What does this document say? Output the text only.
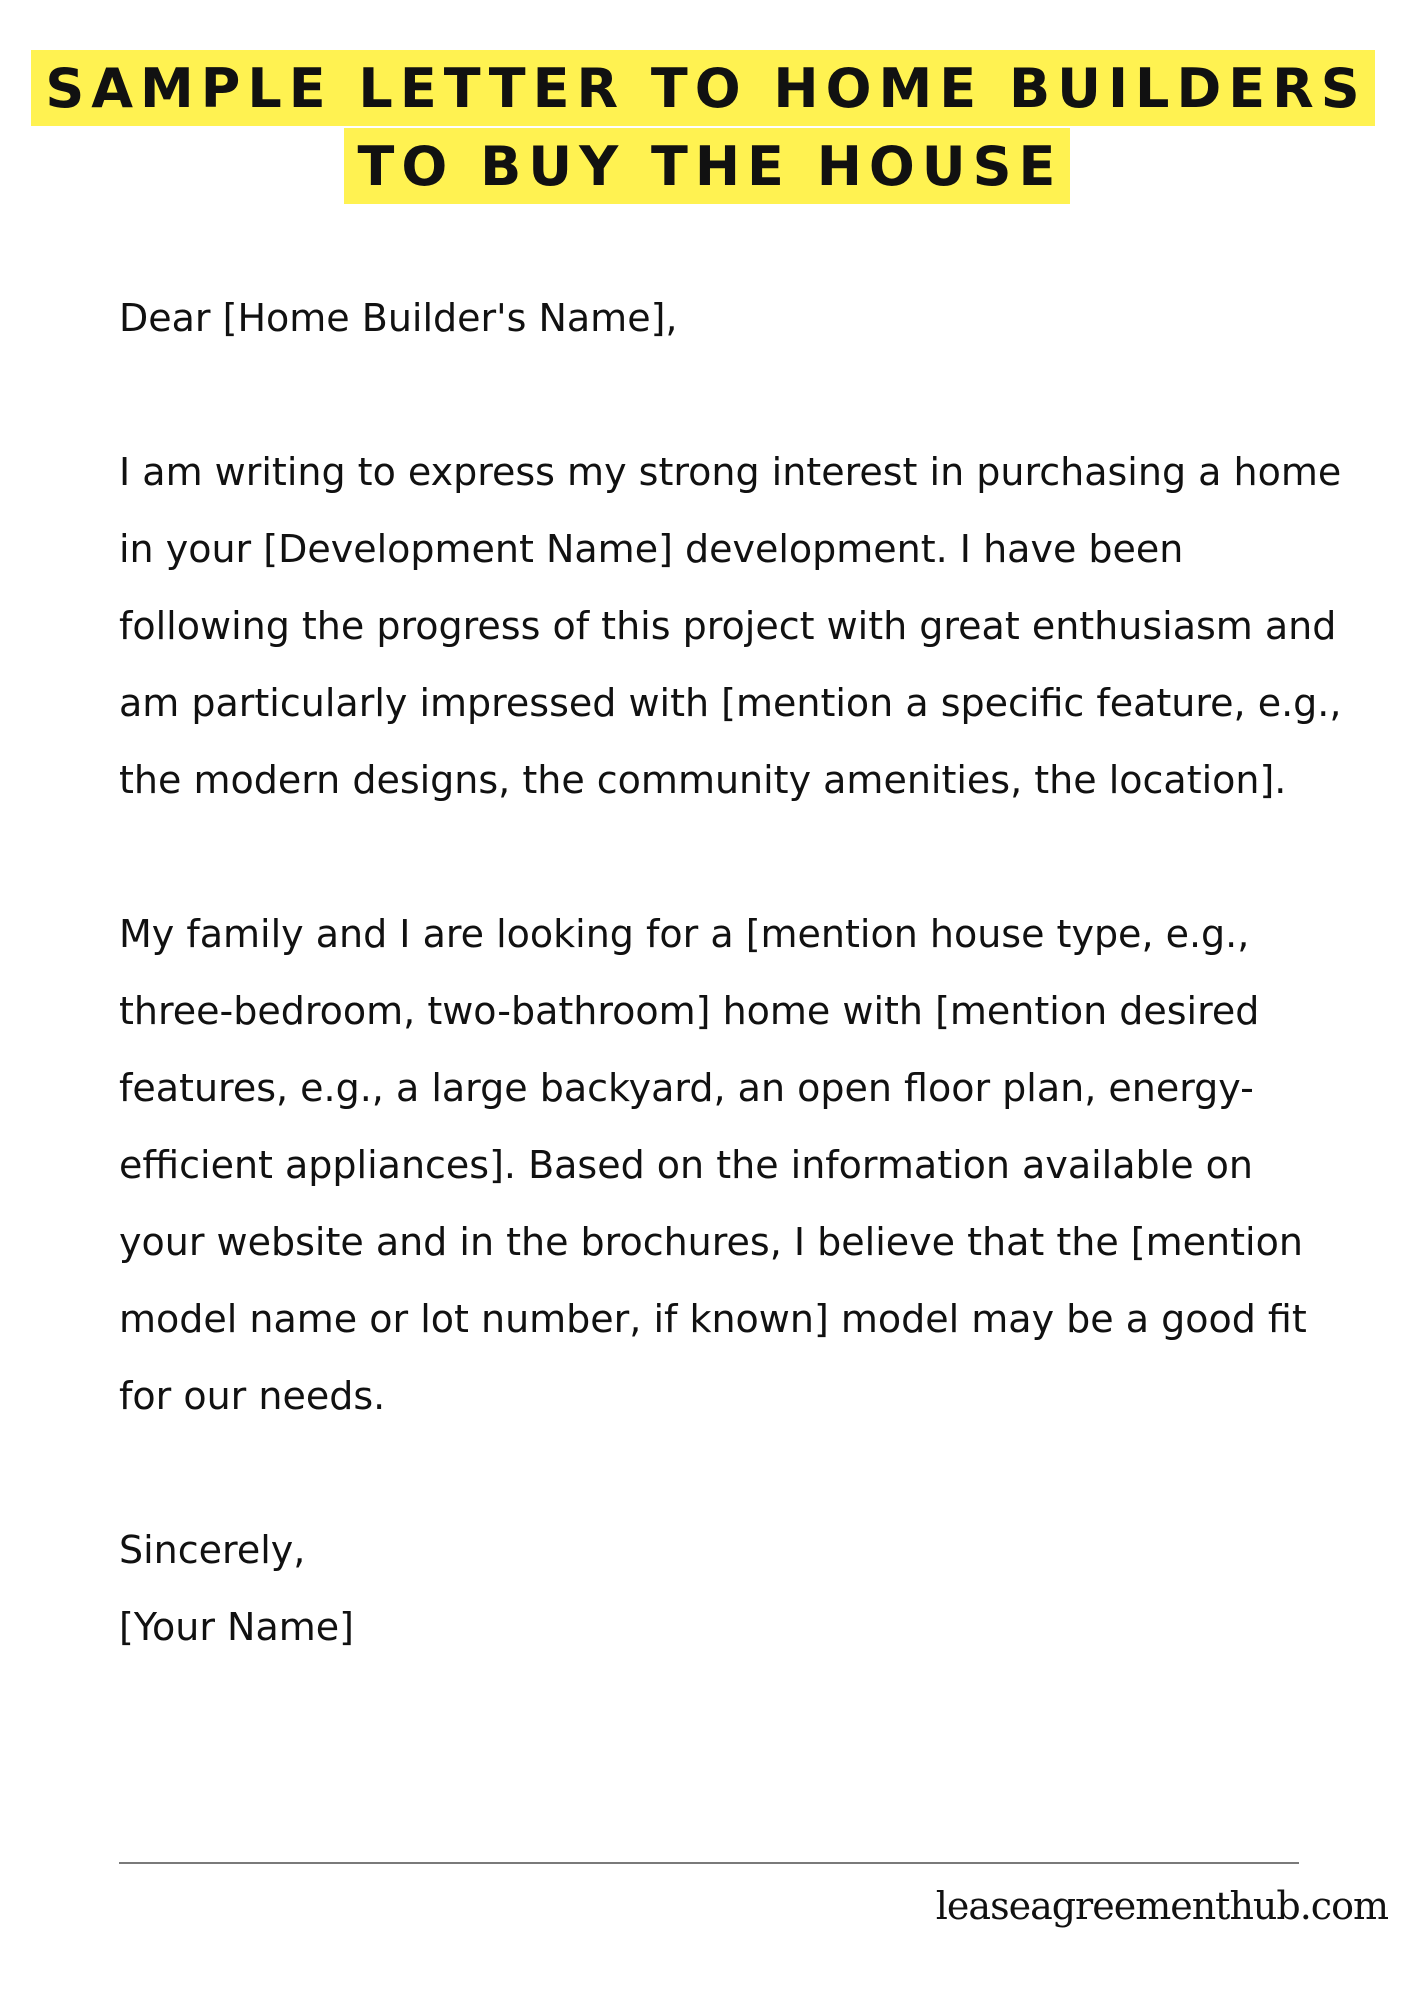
SAMPLE LETTER TO HOME BUILDERS
TO BUY THE HOUSE

Dear [Home Builder's Name],

I am writing to express my strong interest in purchasing a home in your [Development Name] development. I have been following the progress of this project with great enthusiasm and am particularly impressed with [mention a specific feature, e.g., the modern designs, the community amenities, the location].

My family and I are looking for a [mention house type, e.g., three-bedroom, two-bathroom] home with [mention desired features, e.g., a large backyard, an open floor plan, energy-efficient appliances]. Based on the information available on your website and in the brochures, I believe that the [mention model name or lot number, if known] model may be a good fit for our needs.

Sincerely,

[Your Name]

leaseagreementhub.com
